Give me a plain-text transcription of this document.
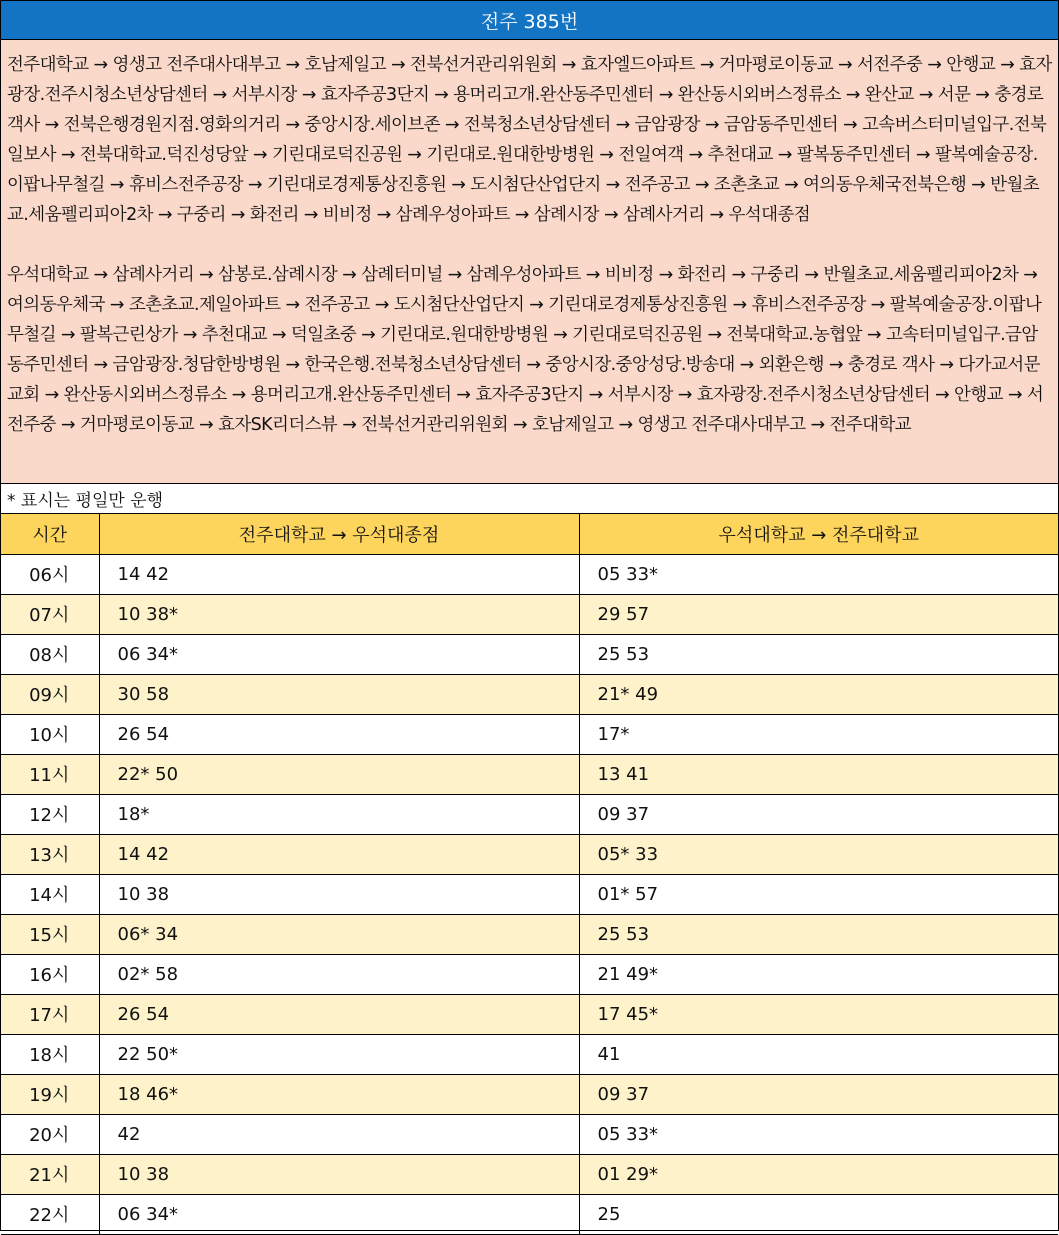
전주 385번

전주대학교 → 영생고 전주대사대부고 → 호남제일고 → 전북선거관리위원회 → 효자엘드아파트 → 거마평로이동교 → 서전주중 → 안행교 → 효자광장.전주시청소년상담센터 → 서부시장 → 효자주공3단지 → 용머리고개.완산동주민센터 → 완산동시외버스정류소 → 완산교 → 서문 → 충경로 객사 → 전북은행경원지점.영화의거리 → 중앙시장.세이브존 → 전북청소년상담센터 → 금암광장 → 금암동주민센터 → 고속버스터미널입구.전북일보사 → 전북대학교.덕진성당앞 → 기린대로덕진공원 → 기린대로.원대한방병원 → 전일여객 → 추천대교 → 팔복동주민센터 → 팔복예술공장.이팝나무철길 → 휴비스전주공장 → 기린대로경제통상진흥원 → 도시첨단산업단지 → 전주공고 → 조촌초교 → 여의동우체국전북은행 → 반월초교.세움펠리피아2차 → 구중리 → 화전리 → 비비정 → 삼례우성아파트 → 삼례시장 → 삼례사거리 → 우석대종점

우석대학교 → 삼례사거리 → 삼봉로.삼례시장 → 삼례터미널 → 삼례우성아파트 → 비비정 → 화전리 → 구중리 → 반월초교.세움펠리피아2차 → 여의동우체국 → 조촌초교.제일아파트 → 전주공고 → 도시첨단산업단지 → 기린대로경제통상진흥원 → 휴비스전주공장 → 팔복예술공장.이팝나무철길 → 팔복근린상가 → 추천대교 → 덕일초중 → 기린대로.원대한방병원 → 기린대로덕진공원 → 전북대학교.농협앞 → 고속터미널입구.금암동주민센터 → 금암광장.청담한방병원 → 한국은행.전북청소년상담센터 → 중앙시장.중앙성당.방송대 → 외환은행 → 충경로 객사 → 다가교서문교회 → 완산동시외버스정류소 → 용머리고개.완산동주민센터 → 효자주공3단지 → 서부시장 → 효자광장.전주시청소년상담센터 → 안행교 → 서전주중 → 거마평로이동교 → 효자SK리더스뷰 → 전북선거관리위원회 → 호남제일고 → 영생고 전주대사대부고 → 전주대학교

* 표시는 평일만 운행
시간	전주대학교 → 우석대종점	우석대학교 → 전주대학교
06시	14 42	05 33*
07시	10 38*	29 57
08시	06 34*	25 53
09시	30 58	21* 49
10시	26 54	17*
11시	22* 50	13 41
12시	18*	09 37
13시	14 42	05* 33
14시	10 38	01* 57
15시	06* 34	25 53
16시	02* 58	21 49*
17시	26 54	17 45*
18시	22 50*	41
19시	18 46*	09 37
20시	42	05 33*
21시	10 38	01 29*
22시	06 34*	25
